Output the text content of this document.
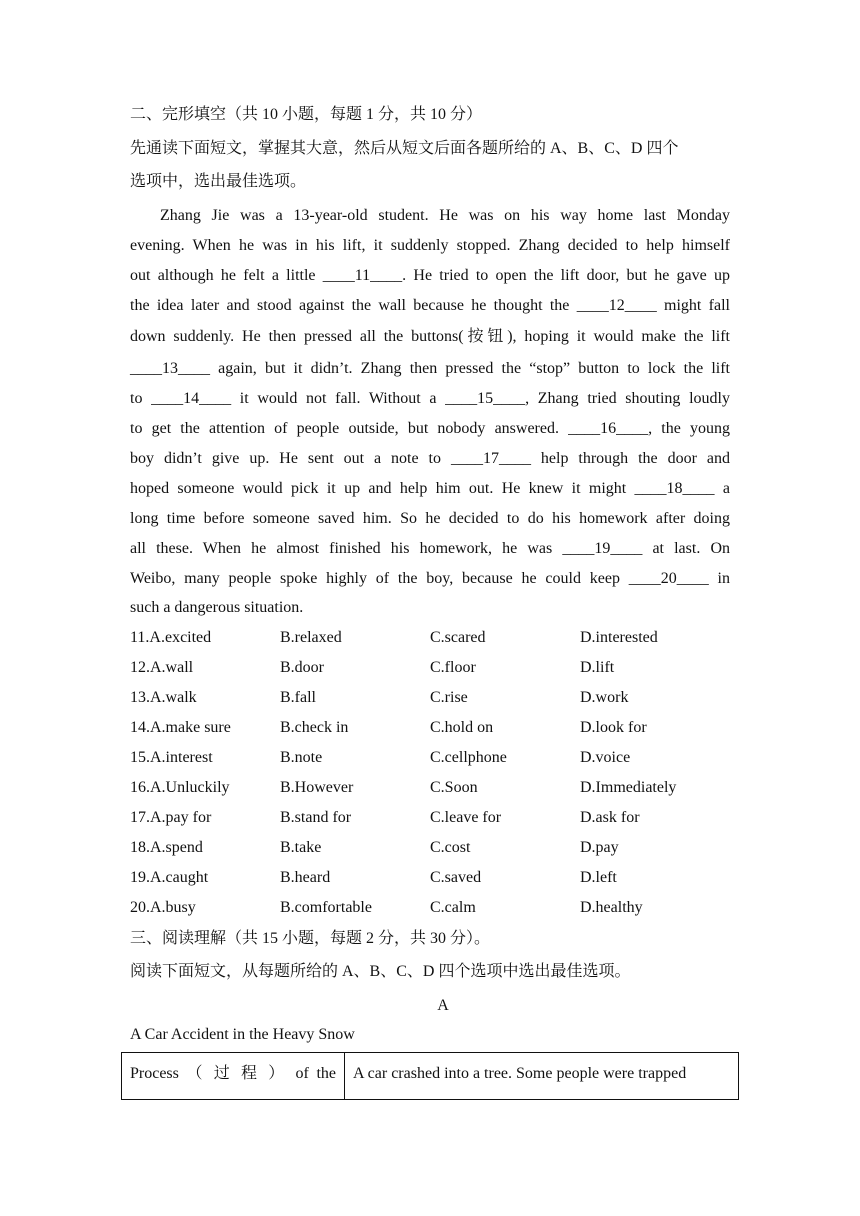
二、完形填空（共 10 小题，每题 1 分，共 10 分）
先通读下面短文，掌握其大意，然后从短文后面各题所给的 A、B、C、D 四个
选项中，选出最佳选项。
Zhang Jie was a 13-year-old student. He was on his way home last Monday
evening. When he was in his lift, it suddenly stopped. Zhang decided to help himself
out although he felt a little ____11____. He tried to open the lift door, but he gave up
the idea later and stood against the wall because he thought the ____12____ might fall
down suddenly. He then pressed all the buttons(按钮), hoping it would make the lift
____13____ again, but it didn’t. Zhang then pressed the “stop” button to lock the lift
to ____14____ it would not fall. Without a ____15____, Zhang tried shouting loudly
to get the attention of people outside, but nobody answered. ____16____, the young
boy didn’t give up. He sent out a note to ____17____ help through the door and
hoped someone would pick it up and help him out. He knew it might ____18____ a
long time before someone saved him. So he decided to do his homework after doing
all these. When he almost finished his homework, he was ____19____ at last. On
Weibo, many people spoke highly of the boy, because he could keep ____20____ in
such a dangerous situation.
11.A.excited	B.relaxed	C.scared	D.interested
12.A.wall	B.door	C.floor	D.lift
13.A.walk	B.fall	C.rise	D.work
14.A.make sure	B.check in	C.hold on	D.look for
15.A.interest	B.note	C.cellphone	D.voice
16.A.Unluckily	B.However	C.Soon	D.Immediately
17.A.pay for	B.stand for	C.leave for	D.ask for
18.A.spend	B.take	C.cost	D.pay
19.A.caught	B.heard	C.saved	D.left
20.A.busy	B.comfortable	C.calm	D.healthy
三、阅读理解（共 15 小题，每题 2 分，共 30 分）。
阅读下面短文，从每题所给的 A、B、C、D 四个选项中选出最佳选项。
A
A Car Accident in the Heavy Snow
Process （ 过 程 ） of the	A car crashed into a tree. Some people were trapped
